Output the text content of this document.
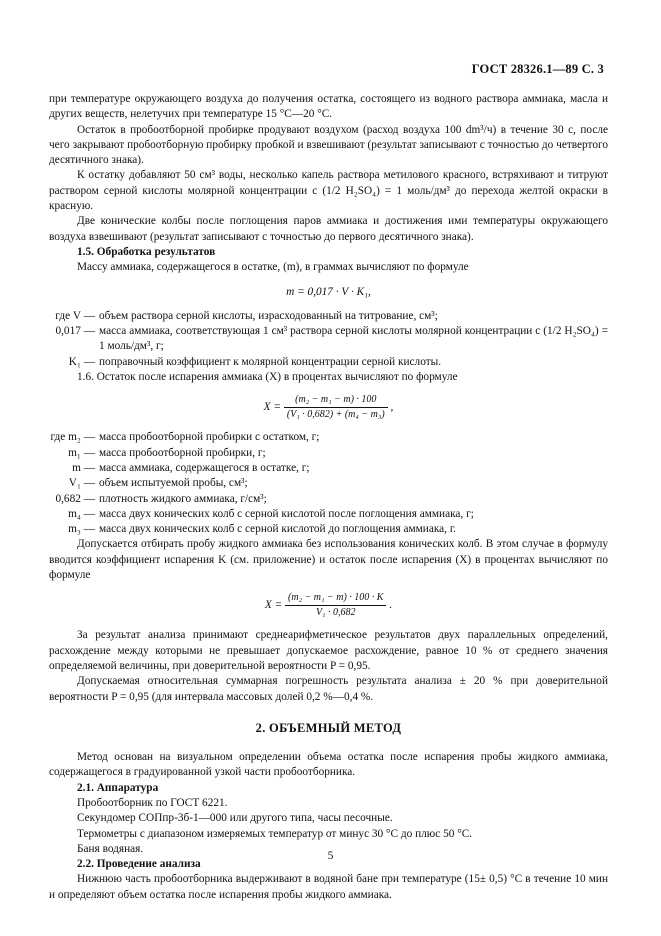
ГОСТ 28326.1—89 С. 3

при температуре окружающего воздуха до получения остатка, состоящего из водного раствора аммиака, масла и других веществ, нелетучих при температуре 15 °С—20 °С.

Остаток в пробоотборной пробирке продувают воздухом (расход воздуха 100 dm³/ч) в течение 30 с, после чего закрывают пробоотборную пробирку пробкой и взвешивают (результат записывают с точностью до четвертого десятичного знака).

К остатку добавляют 50 см³ воды, несколько капель раствора метилового красного, встряхивают и титруют раствором серной кислоты молярной концентрации c (1/2 H₂SO₄) = 1 моль/дм³ до перехода желтой окраски в красную.

Две конические колбы после поглощения паров аммиака и достижения ими температуры окружающего воздуха взвешивают (результат записывают с точностью до первого десятичного знака).

1.5. Обработка результатов

Массу аммиака, содержащегося в остатке, (m), в граммах вычисляют по формуле

m = 0,017 · V · K₁,
где V — объем раствора серной кислоты, израсходованный на титрование, см³;
0,017 — масса аммиака, соответствующая 1 см³ раствора серной кислоты молярной концентрации c (1/2 H₂SO₄) = 1 моль/дм³, г;
K₁ — поправочный коэффициент к молярной концентрации серной кислоты.

1.6. Остаток после испарения аммиака (X) в процентах вычисляют по формуле

$X = \frac{\text{(m₂ − m₁ − m) · 100}}{\text{(V₁ · 0,682) + (m₄ − m₃)}}$ ,
где m₂ — масса пробоотборной пробирки с остатком, г;
m₁ — масса пробоотборной пробирки, г;
m — масса аммиака, содержащегося в остатке, г;
V₁ — объем испытуемой пробы, см³;
0,682 — плотность жидкого аммиака, г/см³;
m₄ — масса двух конических колб с серной кислотой после поглощения аммиака, г;
m₃ — масса двух конических колб с серной кислотой до поглощения аммиака, г.

Допускается отбирать пробу жидкого аммиака без использования конических колб. В этом случае в формулу вводится коэффициент испарения K (см. приложение) и остаток после испарения (X) в процентах вычисляют по формуле

$X = \frac{\text{(m₂ − m₁ − m) · 100 · K}}{\text{V₁ · 0,682}}$ .

За результат анализа принимают среднеарифметическое результатов двух параллельных определений, расхождение между которыми не превышает допускаемое расхождение, равное 10 % от среднего значения определяемой величины, при доверительной вероятности P = 0,95.

Допускаемая относительная суммарная погрешность результата анализа ± 20 % при доверительной вероятности P = 0,95 (для интервала массовых долей 0,2 %—0,4 %.

2. ОБЪЕМНЫЙ МЕТОД

Метод основан на визуальном определении объема остатка после испарения пробы жидкого аммиака, содержащегося в градуированной узкой части пробоотборника.

2.1. Аппаратура

Пробоотборник по ГОСТ 6221.

Секундомер СОПпр-3б-1—000 или другого типа, часы песочные.

Термометры с диапазоном измеряемых температур от минус 30 °С до плюс 50 °С.

Баня водяная.

2.2. Проведение анализа

Нижнюю часть пробоотборника выдерживают в водяной бане при температуре (15± 0,5) °С в течение 10 мин и определяют объем остатка после испарения пробы жидкого аммиака.

5
